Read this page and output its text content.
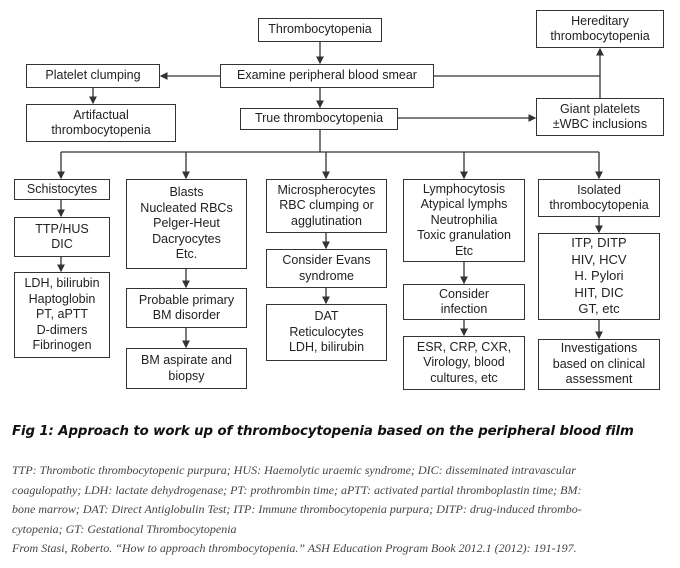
Thrombocytopenia
Examine peripheral blood smear
Platelet clumping
Artifactual
thrombocytopenia
True thrombocytopenia
Hereditary
thrombocytopenia
Giant platelets
±WBC inclusions
Schistocytes
TTP/HUS
DIC
LDH, bilirubin
Haptoglobin
PT, aPTT
D-dimers
Fibrinogen
Blasts
Nucleated RBCs
Pelger-Heut
Dacryocytes
Etc.
Probable primary
BM disorder
BM aspirate and
biopsy
Microspherocytes
RBC clumping or
agglutination
Consider Evans
syndrome
DAT
Reticulocytes
LDH, bilirubin
Lymphocytosis
Atypical lymphs
Neutrophilia
Toxic granulation
Etc
Consider
infection
ESR, CRP, CXR,
Virology, blood
cultures, etc
Isolated
thrombocytopenia
ITP, DITP
HIV, HCV
H. Pylori
HIT, DIC
GT, etc
Investigations
based on clinical
assessment
Fig 1: Approach to work up of thrombocytopenia based on the peripheral blood film
TTP: Thrombotic thrombocytopenic purpura; HUS: Haemolytic uraemic syndrome; DIC: disseminated intravascular
coagulopathy; LDH: lactate dehydrogenase; PT: prothrombin time; aPTT: activated partial thromboplastin time; BM:
bone marrow; DAT: Direct Antiglobulin Test; ITP: Immune thrombocytopenia purpura; DITP: drug-induced thrombo-
cytopenia; GT: Gestational Thrombocytopenia
From Stasi, Roberto. “How to approach thrombocytopenia.” ASH Education Program Book 2012.1 (2012): 191-197.
